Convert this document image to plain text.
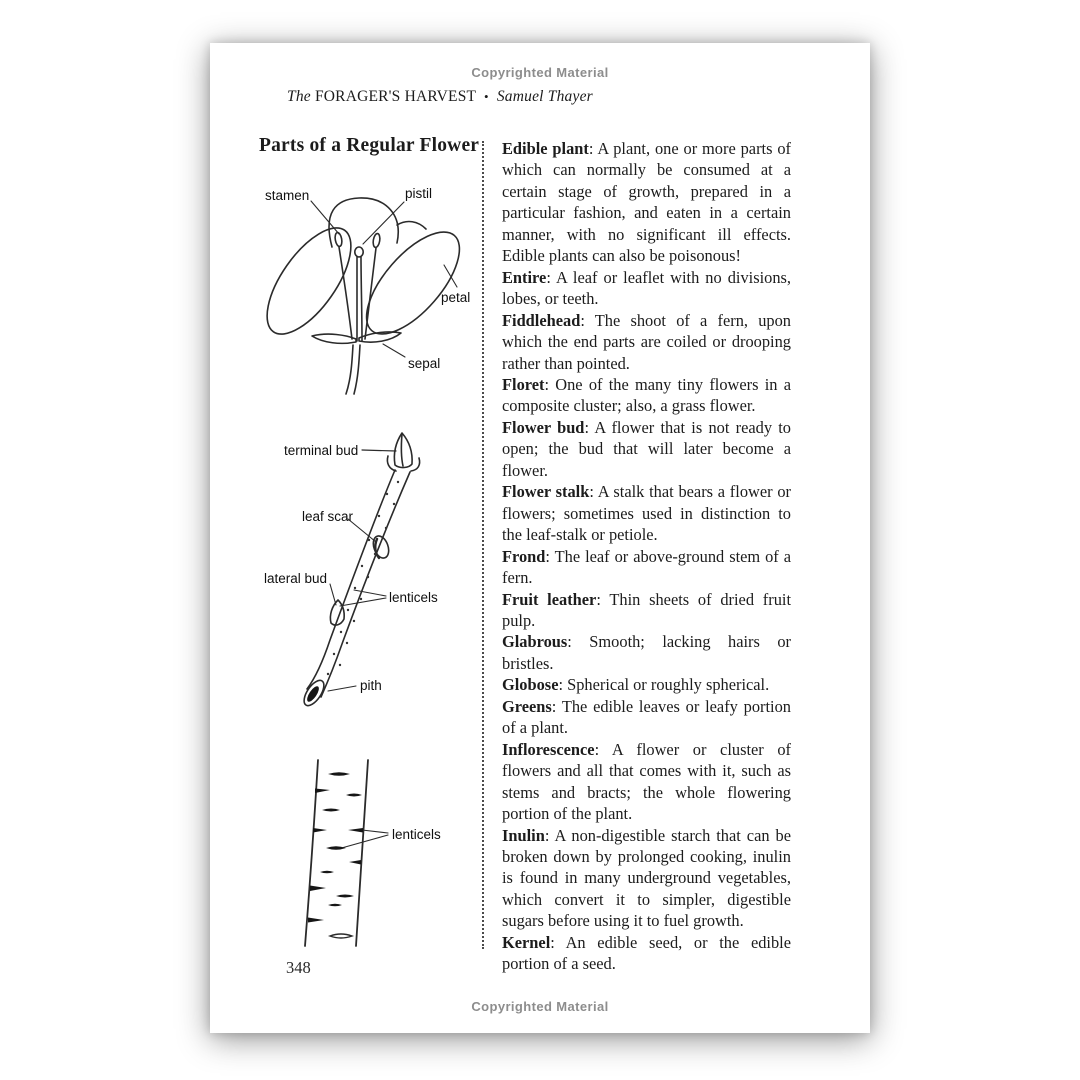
Copyrighted Material
The FORAGER'S HARVEST • Samuel Thayer
Parts of a Regular Flower
stamen	pistil
petal
sepal
terminal bud
leaf scar
lateral bud
lenticels
pith
lenticels

Edible plant: A plant, one or more parts of which can normally be consumed at a certain stage of growth, prepared in a particular fashion, and eaten in a certain manner, with no significant ill effects. Edible plants can also be poisonous!

Entire: A leaf or leaflet with no divisions, lobes, or teeth.

Fiddlehead: The shoot of a fern, upon which the end parts are coiled or drooping rather than pointed.

Floret: One of the many tiny flowers in a composite cluster; also, a grass flower.

Flower bud: A flower that is not ready to open; the bud that will later become a flower.

Flower stalk: A stalk that bears a flower or flowers; sometimes used in distinction to the leaf-stalk or petiole.

Frond: The leaf or above-ground stem of a fern.

Fruit leather: Thin sheets of dried fruit pulp.

Glabrous: Smooth; lacking hairs or bristles.

Globose: Spherical or roughly spherical.

Greens: The edible leaves or leafy portion of a plant.

Inflorescence: A flower or cluster of flowers and all that comes with it, such as stems and bracts; the whole flowering portion of the plant.

Inulin: A non-digestible starch that can be broken down by prolonged cooking, inulin is found in many underground vegetables, which convert it to simpler, digestible sugars before using it to fuel growth.

Kernel: An edible seed, or the edible portion of a seed.

348
Copyrighted Material
